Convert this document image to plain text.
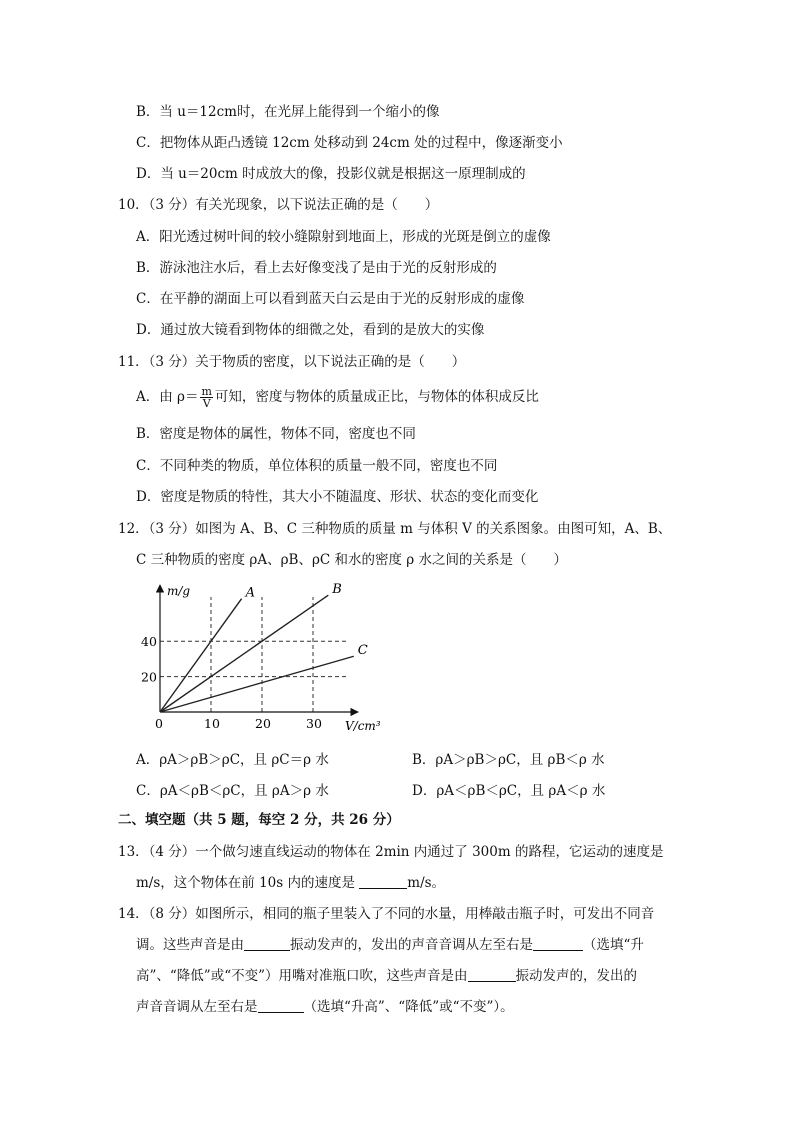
B．当 u＝12cm时，在光屏上能得到一个缩小的像
C．把物体从距凸透镜 12cm 处移动到 24cm 处的过程中，像逐渐变小
D．当 u＝20cm 时成放大的像，投影仪就是根据这一原理制成的
10．（3 分）有关光现象，以下说法正确的是（　　）
A．阳光透过树叶间的较小缝隙射到地面上，形成的光斑是倒立的虚像
B．游泳池注水后，看上去好像变浅了是由于光的反射形成的
C．在平静的湖面上可以看到蓝天白云是由于光的反射形成的虚像
D．通过放大镜看到物体的细微之处，看到的是放大的实像
11．（3 分）关于物质的密度，以下说法正确的是（　　）
A．由 $\rho= \frac{m}{V}$ 可知，密度与物体的质量成正比，与物体的体积成反比
B．密度是物体的属性，物体不同，密度也不同
C．不同种类的物质，单位体积的质量一般不同，密度也不同
D．密度是物质的特性，其大小不随温度、形状、状态的变化而变化
12．（3 分）如图为 A、B、C 三种物质的质量 m 与体积 V 的关系图象。由图可知，A、B、
C 三种物质的密度 ρA、ρB、ρC 和水的密度 ρ 水之间的关系是（　　）
A	B
C
0	10	20	30
20
40
m/g
V/cm³
A．ρA＞ρB＞ρC，且 ρC＝ρ 水	B．ρA＞ρB＞ρC，且 ρB＜ρ 水
C．ρA＜ρB＜ρC，且 ρA＞ρ 水	D．ρA＜ρB＜ρC，且 ρA＜ρ 水
二、填空题（共 5 题，每空 2 分，共 26 分）
13．（4 分）一个做匀速直线运动的物体在 2min 内通过了 300m 的路程，它运动的速度是
m/s，这个物体在前 10s 内的速度是	m/s。
14．（8 分）如图所示，相同的瓶子里装入了不同的水量，用棒敲击瓶子时，可发出不同音
调。这些声音是由	振动发声的，发出的声音音调从左至右是	（选填“升
高”、“降低”或“不变”）用嘴对准瓶口吹，这些声音是由	振动发声的，发出的
声音音调从左至右是	（选填“升高”、“降低”或“不变”）。
